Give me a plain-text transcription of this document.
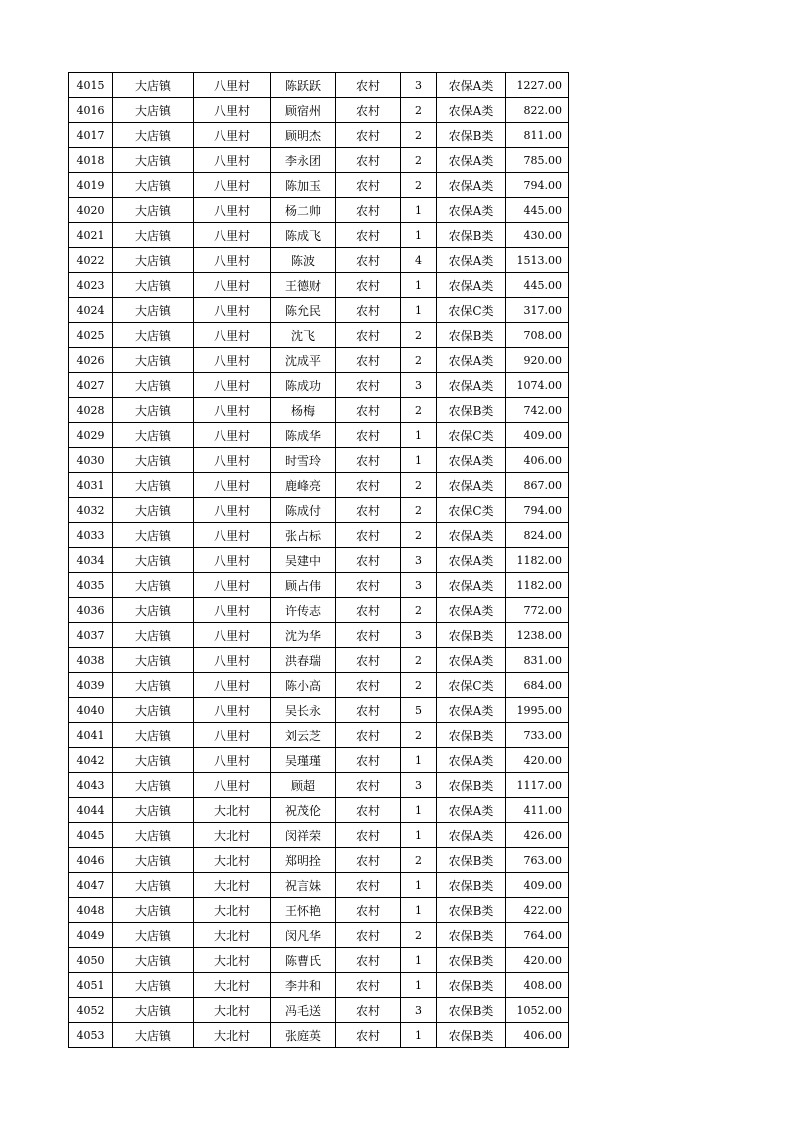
4015	大店镇	八里村	陈跃跃	农村	3	农保A类	1227.00
4016	大店镇	八里村	顾宿州	农村	2	农保A类	822.00
4017	大店镇	八里村	顾明杰	农村	2	农保B类	811.00
4018	大店镇	八里村	李永团	农村	2	农保A类	785.00
4019	大店镇	八里村	陈加玉	农村	2	农保A类	794.00
4020	大店镇	八里村	杨二帅	农村	1	农保A类	445.00
4021	大店镇	八里村	陈成飞	农村	1	农保B类	430.00
4022	大店镇	八里村	陈波	农村	4	农保A类	1513.00
4023	大店镇	八里村	王德财	农村	1	农保A类	445.00
4024	大店镇	八里村	陈允民	农村	1	农保C类	317.00
4025	大店镇	八里村	沈飞	农村	2	农保B类	708.00
4026	大店镇	八里村	沈成平	农村	2	农保A类	920.00
4027	大店镇	八里村	陈成功	农村	3	农保A类	1074.00
4028	大店镇	八里村	杨梅	农村	2	农保B类	742.00
4029	大店镇	八里村	陈成华	农村	1	农保C类	409.00
4030	大店镇	八里村	时雪玲	农村	1	农保A类	406.00
4031	大店镇	八里村	鹿峰亮	农村	2	农保A类	867.00
4032	大店镇	八里村	陈成付	农村	2	农保C类	794.00
4033	大店镇	八里村	张占标	农村	2	农保A类	824.00
4034	大店镇	八里村	吴建中	农村	3	农保A类	1182.00
4035	大店镇	八里村	顾占伟	农村	3	农保A类	1182.00
4036	大店镇	八里村	许传志	农村	2	农保A类	772.00
4037	大店镇	八里村	沈为华	农村	3	农保B类	1238.00
4038	大店镇	八里村	洪春瑞	农村	2	农保A类	831.00
4039	大店镇	八里村	陈小高	农村	2	农保C类	684.00
4040	大店镇	八里村	吴长永	农村	5	农保A类	1995.00
4041	大店镇	八里村	刘云芝	农村	2	农保B类	733.00
4042	大店镇	八里村	吴瑾瑾	农村	1	农保A类	420.00
4043	大店镇	八里村	顾超	农村	3	农保B类	1117.00
4044	大店镇	大北村	祝茂伦	农村	1	农保A类	411.00
4045	大店镇	大北村	闵祥荣	农村	1	农保A类	426.00
4046	大店镇	大北村	郑明拴	农村	2	农保B类	763.00
4047	大店镇	大北村	祝言妹	农村	1	农保B类	409.00
4048	大店镇	大北村	王怀艳	农村	1	农保B类	422.00
4049	大店镇	大北村	闵凡华	农村	2	农保B类	764.00
4050	大店镇	大北村	陈曹氏	农村	1	农保B类	420.00
4051	大店镇	大北村	李井和	农村	1	农保B类	408.00
4052	大店镇	大北村	冯毛送	农村	3	农保B类	1052.00
4053	大店镇	大北村	张庭英	农村	1	农保B类	406.00
